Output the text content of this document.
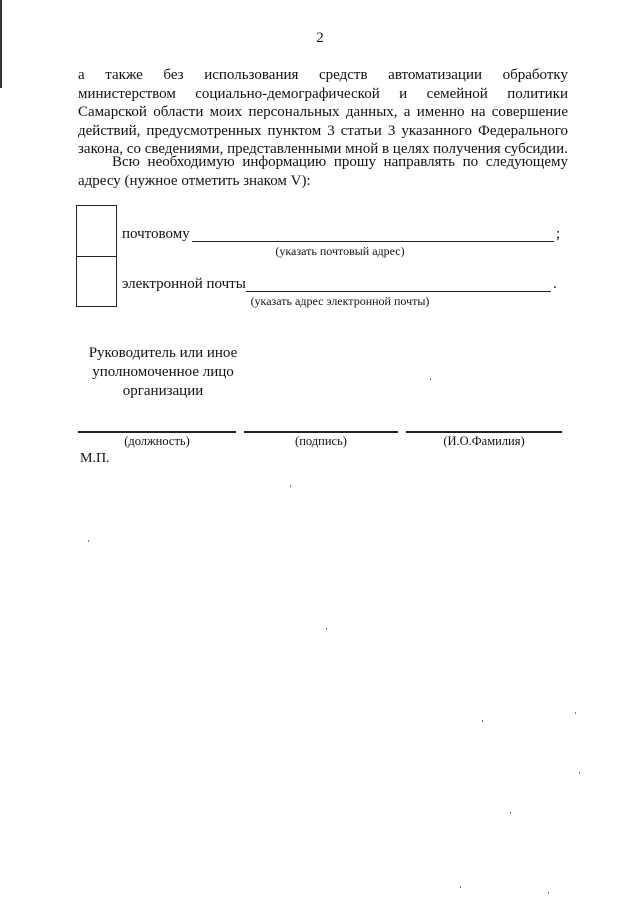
2
а также без использования средств автоматизации обработку министерством социально-демографической и семейной политики Самарской области моих персональных данных, а именно на совершение действий, предусмотренных пунктом 3 статьи 3 указанного Федерального закона, со сведениями, представленными мной в целях получения субсидии.
Всю необходимую информацию прошу направлять по следующему адресу (нужное отметить знаком V):
почтовому	;
(указать почтовый адрес)
электронной почты	.
(указать адрес электронной почты)
Руководитель или иное уполномоченное лицо организации
(должность)	(подпись)	(И.О.Фамилия)
М.П.
